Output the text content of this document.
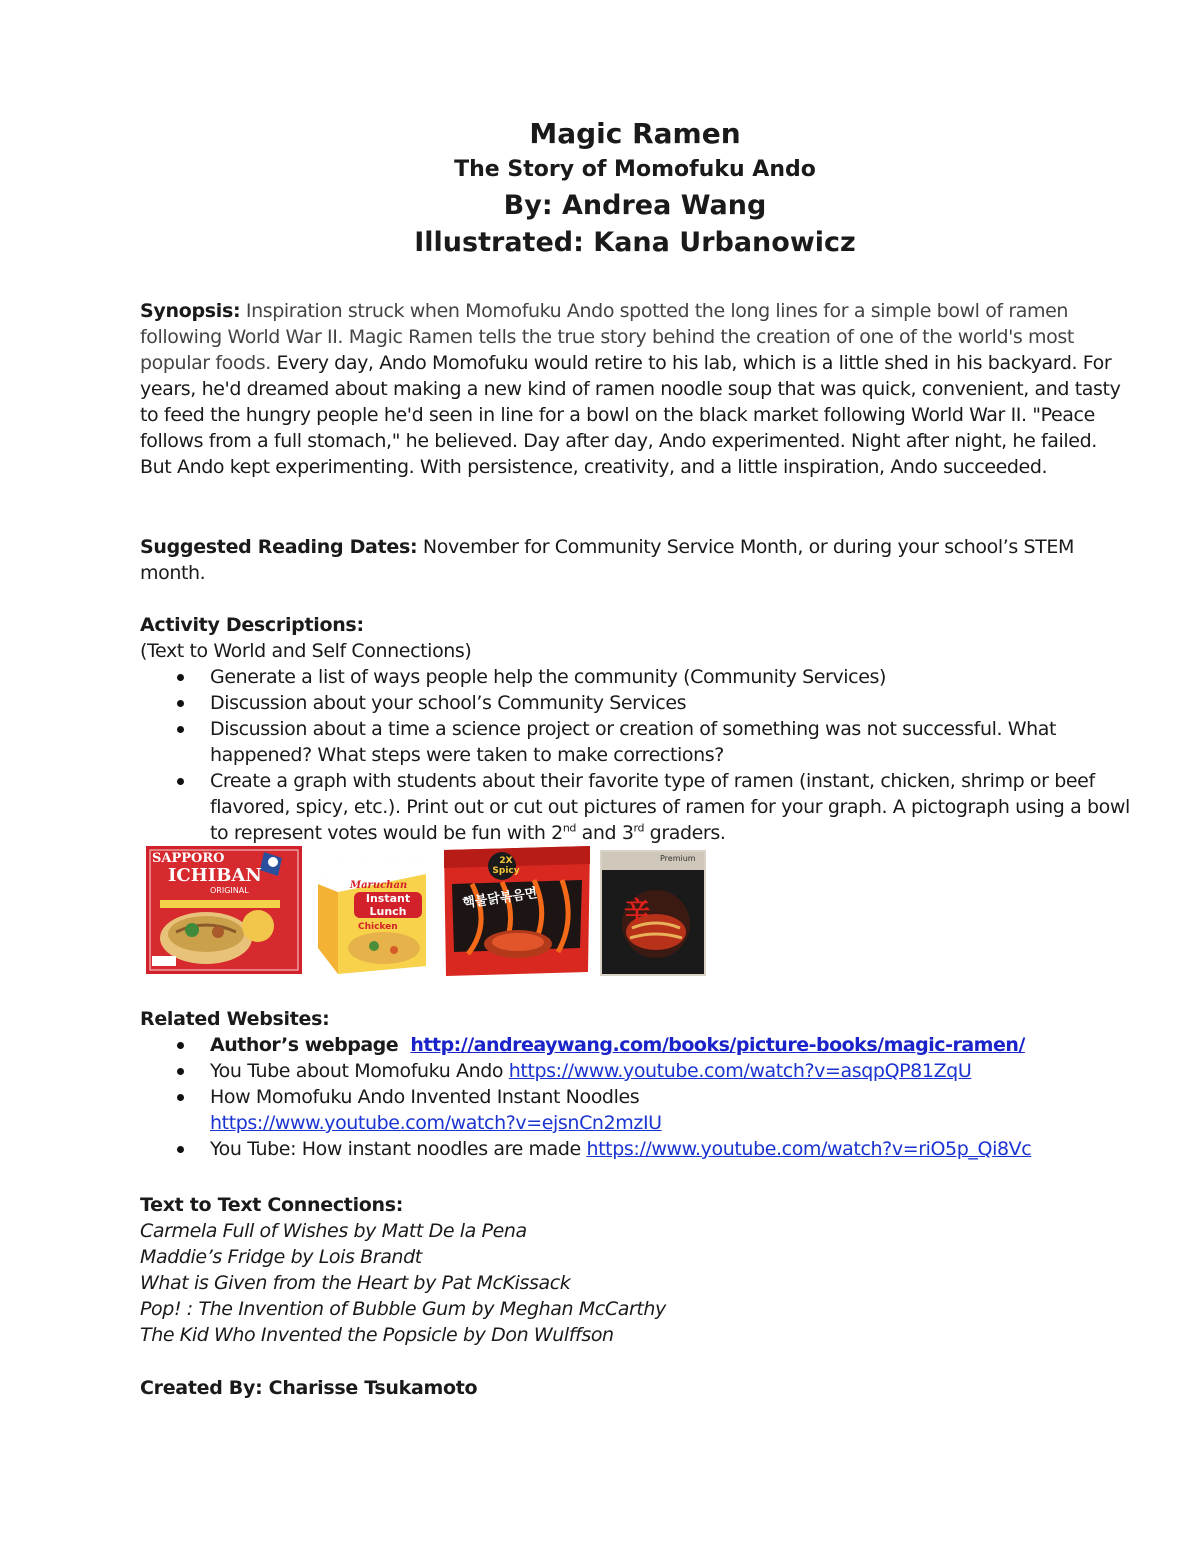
Magic Ramen
The Story of Momofuku Ando
By: Andrea Wang
Illustrated: Kana Urbanowicz
Synopsis: Inspiration struck when Momofuku Ando spotted the long lines for a simple bowl of ramen following World War II. Magic Ramen tells the true story behind the creation of one of the world's most popular foods. Every day, Ando Momofuku would retire to his lab, which is a little shed in his backyard. For years, he'd dreamed about making a new kind of ramen noodle soup that was quick, convenient, and tasty to feed the hungry people he'd seen in line for a bowl on the black market following World War II. "Peace follows from a full stomach," he believed. Day after day, Ando experimented. Night after night, he failed. But Ando kept experimenting. With persistence, creativity, and a little inspiration, Ando succeeded.
Suggested Reading Dates: November for Community Service Month, or during your school’s STEM month.
Activity Descriptions:
(Text to World and Self Connections)
Generate a list of ways people help the community (Community Services)
Discussion about your school’s Community Services
Discussion about a time a science project or creation of something was not successful. What happened? What steps were taken to make corrections?
Create a graph with students about their favorite type of ramen (instant, chicken, shrimp or beef flavored, spicy, etc.). Print out or cut out pictures of ramen for your graph. A pictograph using a bowl to represent votes would be fun with 2nd and 3rd graders.
SAPPORO
ICHIBAN
ORIGINAL	Maruchan
Instant Lunch
Chicken
2X Spicy
핵불닭볶음면
Premium
辛
Related Websites:
Author’s webpage http://andreaywang.com/books/picture-books/magic-ramen/
You Tube about Momofuku Ando https://www.youtube.com/watch?v=asqpQP81ZqU
How Momofuku Ando Invented Instant Noodles
https://www.youtube.com/watch?v=ejsnCn2mzIU
You Tube: How instant noodles are made https://www.youtube.com/watch?v=riO5p_Qi8Vc
Text to Text Connections:
Carmela Full of Wishes by Matt De la Pena
Maddie’s Fridge by Lois Brandt
What is Given from the Heart by Pat McKissack
Pop! : The Invention of Bubble Gum by Meghan McCarthy
The Kid Who Invented the Popsicle by Don Wulffson
Created By: Charisse Tsukamoto
